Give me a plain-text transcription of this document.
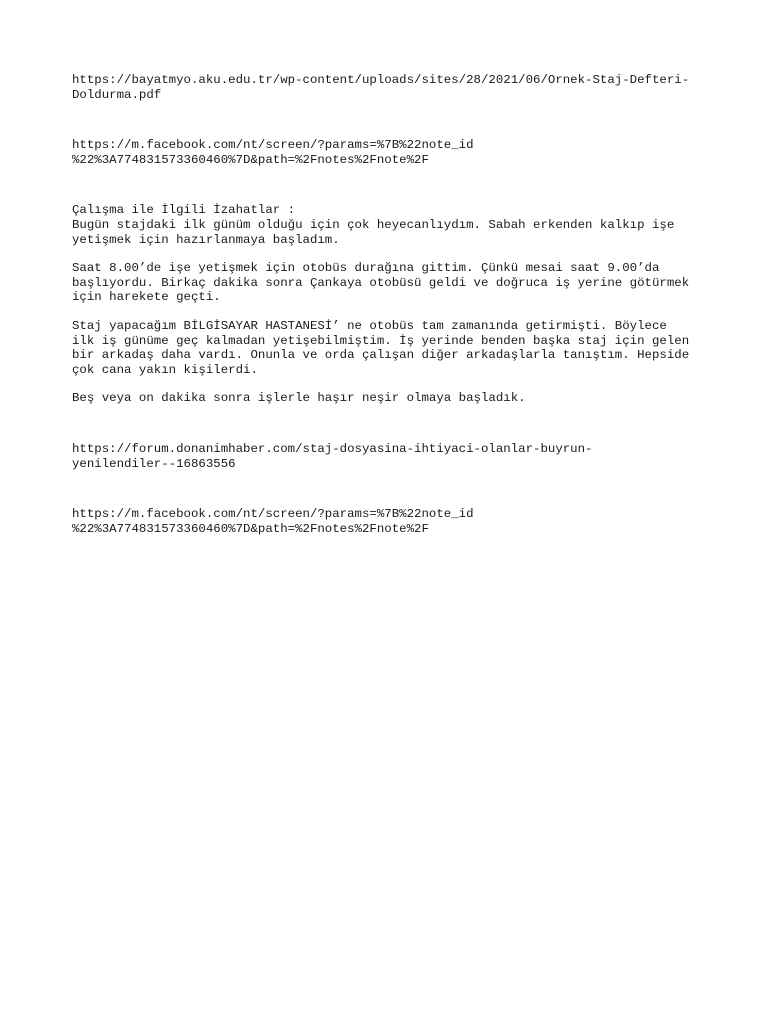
https://bayatmyo.aku.edu.tr/wp-content/uploads/sites/28/2021/06/Ornek-Staj-Defteri-
Doldurma.pdf
https://m.facebook.com/nt/screen/?params=%7B%22note_id
%22%3A774831573360460%7D&path=%2Fnotes%2Fnote%2F
Çalışma ile İlgili İzahatlar :
Bugün stajdaki ilk günüm olduğu için çok heyecanlıydım. Sabah erkenden kalkıp işe
yetişmek için hazırlanmaya başladım.
Saat 8.00’de işe yetişmek için otobüs durağına gittim. Çünkü mesai saat 9.00’da
başlıyordu. Birkaç dakika sonra Çankaya otobüsü geldi ve doğruca iş yerine götürmek
için harekete geçti.
Staj yapacağım BİLGİSAYAR HASTANESİ’ ne otobüs tam zamanında getirmişti. Böylece
ilk iş günüme geç kalmadan yetişebilmiştim. İş yerinde benden başka staj için gelen
bir arkadaş daha vardı. Onunla ve orda çalışan diğer arkadaşlarla tanıştım. Hepside
çok cana yakın kişilerdi.
Beş veya on dakika sonra işlerle haşır neşir olmaya başladık.
https://forum.donanimhaber.com/staj-dosyasina-ihtiyaci-olanlar-buyrun-
yenilendiler--16863556
https://m.facebook.com/nt/screen/?params=%7B%22note_id
%22%3A774831573360460%7D&path=%2Fnotes%2Fnote%2F
